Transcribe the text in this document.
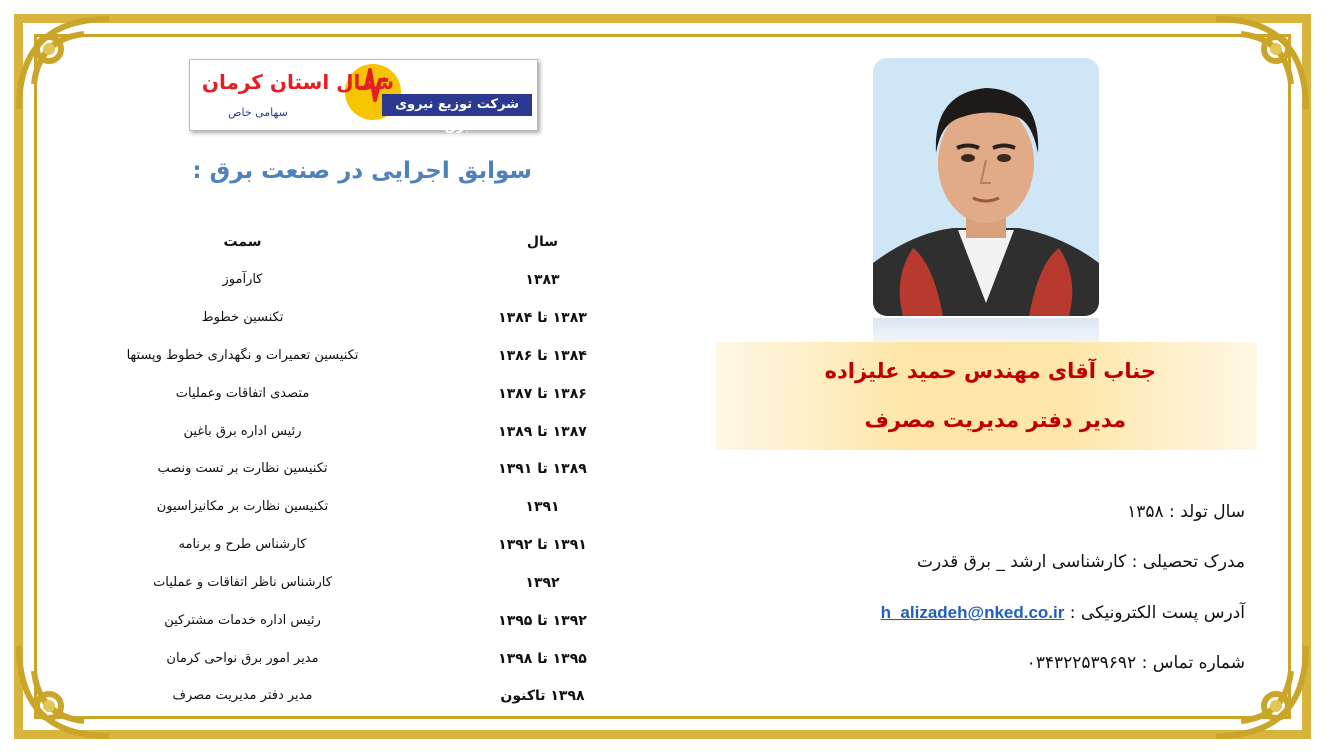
شمال استان کرمان
شرکت توزیع نیروی برق
سهامی خاص
سوابق اجرایی در صنعت برق :
سال
سمت
۱۳۸۳
کارآموز
۱۳۸۳ تا ۱۳۸۴
تکنسین خطوط
۱۳۸۴ تا ۱۳۸۶
تکنیسین تعمیرات و نگهداری خطوط وپستها
۱۳۸۶ تا ۱۳۸۷
متصدی اتفاقات وعملیات
۱۳۸۷ تا ۱۳۸۹
رئیس اداره برق باغین
۱۳۸۹ تا ۱۳۹۱
تکنیسین نظارت بر تست ونصب
۱۳۹۱
تکنیسین نظارت بر مکانیزاسیون
۱۳۹۱ تا ۱۳۹۲
کارشناس طرح و برنامه
۱۳۹۲
کارشناس ناظر اتفاقات و عملیات
۱۳۹۲ تا ۱۳۹۵
رئیس اداره خدمات مشترکین
۱۳۹۵ تا ۱۳۹۸
مدیر امور برق نواحی کرمان
۱۳۹۸ تاکنون
مدیر دفتر مدیریت مصرف
جناب آقای مهندس حمید علیزاده
مدیر دفتر مدیریت مصرف
سال تولد : ۱۳۵۸
مدرک تحصیلی : کارشناسی ارشد _ برق قدرت
آدرس پست الکترونیکی : h_alizadeh@nked.co.ir
شماره تماس : ۰۳۴۳۲۲۵۳۹۶۹۲
